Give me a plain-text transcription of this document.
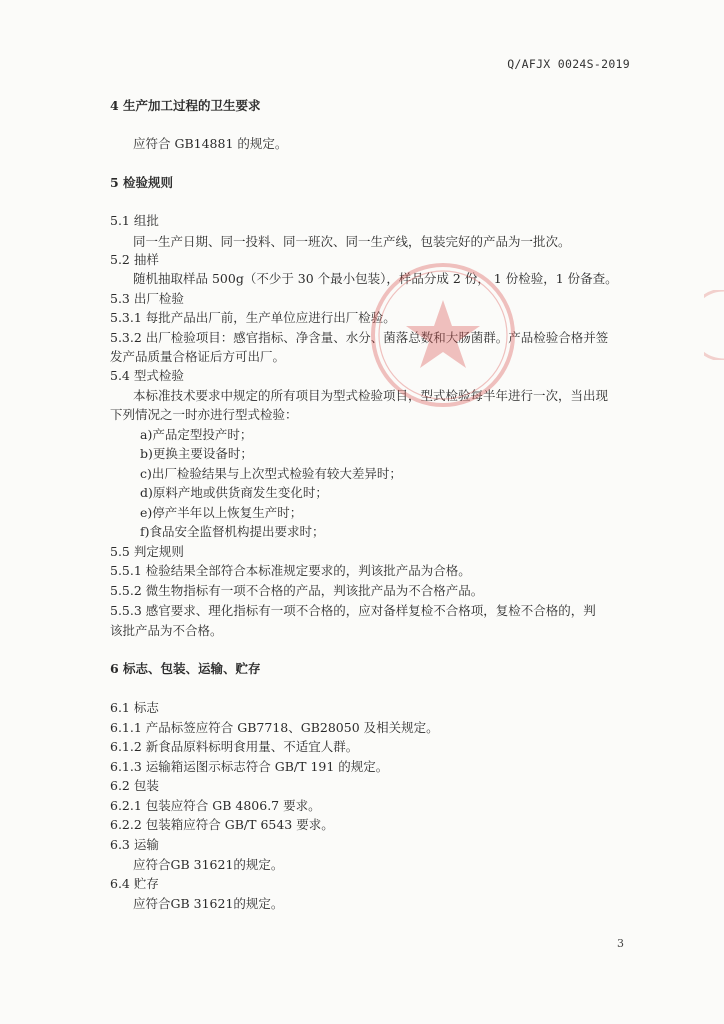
Q/AFJX 0024S-2019
4 生产加工过程的卫生要求
应符合 GB14881 的规定。
5 检验规则
5.1 组批
同一生产日期、同一投料、同一班次、同一生产线，包装完好的产品为一批次。
5.2 抽样
随机抽取样品 500g（不少于 30 个最小包装），样品分成 2 份， 1 份检验，1 份备查。
5.3 出厂检验
5.3.1 每批产品出厂前，生产单位应进行出厂检验。
5.3.2 出厂检验项目：感官指标、净含量、水分、菌落总数和大肠菌群。产品检验合格并签
发产品质量合格证后方可出厂。
5.4 型式检验
本标准技术要求中规定的所有项目为型式检验项目，型式检验每半年进行一次，当出现
下列情况之一时亦进行型式检验：
a)产品定型投产时；
b)更换主要设备时；
c)出厂检验结果与上次型式检验有较大差异时；
d)原料产地或供货商发生变化时；
e)停产半年以上恢复生产时；
f)食品安全监督机构提出要求时；
5.5 判定规则
5.5.1 检验结果全部符合本标准规定要求的，判该批产品为合格。
5.5.2 微生物指标有一项不合格的产品，判该批产品为不合格产品。
5.5.3 感官要求、理化指标有一项不合格的，应对备样复检不合格项，复检不合格的，判
该批产品为不合格。
6 标志、包装、运输、贮存
6.1 标志
6.1.1 产品标签应符合 GB7718、GB28050 及相关规定。
6.1.2 新食品原料标明食用量、不适宜人群。
6.1.3 运输箱运图示标志符合 GB/T 191 的规定。
6.2 包装
6.2.1 包装应符合 GB 4806.7 要求。
6.2.2 包装箱应符合 GB/T 6543 要求。
6.3 运输
应符合GB 31621的规定。
6.4 贮存
应符合GB 31621的规定。
3
